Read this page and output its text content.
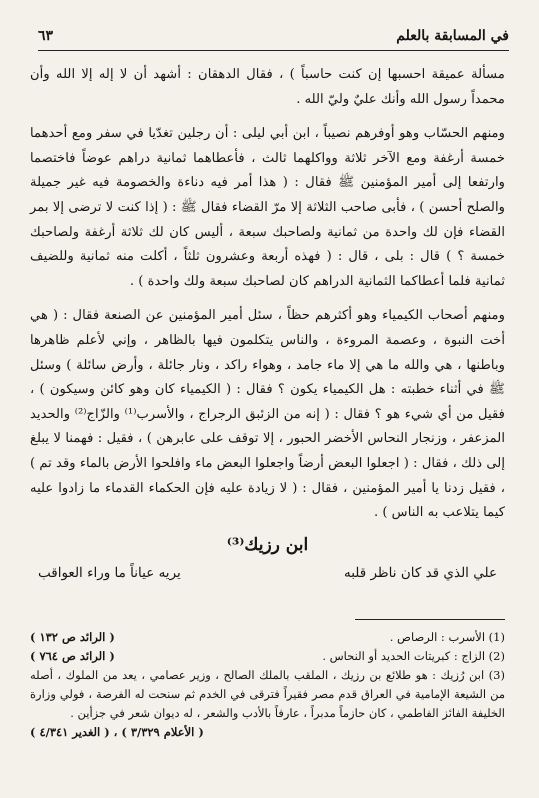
في المسابقة بالعلم
٦٣

مسألة عميقة احسبها إن كنت حاسباً ) ، فقال الدهقان : أشهد أن لا إله إلا الله وأن محمداً رسول الله وأنك عليٌ وليّ الله .

ومنهم الحسّاب وهو أوفرهم نصيباً ، ابن أبي ليلى : أن رجلين تغدّيا في سفر ومع أحدهما خمسة أرغفة ومع الآخر ثلاثة وواكلهما ثالث ، فأعطاهما ثمانية دراهم عوضاً فاختصما وارتفعا إلى أمير المؤمنين ﷺ فقال : ( هذا أمر فيه دناءة والخصومة فيه غير جميلة والصلح أحسن ) ، فأبى صاحب الثلاثة إلا مرّ القضاء فقال ﷺ : ( إذا كنت لا ترضى إلا بمر القضاء فإن لك واحدة من ثمانية ولصاحبك سبعة ، أليس كان لك ثلاثة أرغفة ولصاحبك خمسة ؟ ) قال : بلى ، قال : ( فهذه أربعة وعشرون ثلثاً ، أكلت منه ثمانية وللضيف ثمانية فلما أعطاكما الثمانية الدراهم كان لصاحبك سبعة ولك واحدة ) .

ومنهم أصحاب الكيمياء وهو أكثرهم حظاً ، سئل أمير المؤمنين عن الصنعة فقال : ( هي أخت النبوة ، وعصمة المروءة ، والناس يتكلمون فيها بالظاهر ، وإني لأعلم ظاهرها وباطنها ، هي والله ما هي إلا ماء جامد ، وهواء راكد ، ونار جائلة ، وأرض سائلة ) وسئل ﷺ في أثناء خطبته : هل الكيمياء يكون ؟ فقال : ( الكيمياء كان وهو كائن وسيكون ) ، فقيل من أي شيء هو ؟ فقال : ( إنه من الزئبق الرجراج ، والأسرب⁽¹⁾ والزّاج⁽²⁾ والحديد المزعفر ، وزنجار النحاس الأخضر الحبور ، إلا توقف على عابرهن ) ، فقيل : فهمنا لا يبلغ إلى ذلك ، فقال : ( اجعلوا البعض أرضاً واجعلوا البعض ماء وافلحوا الأرض بالماء وقد تم ) ، فقيل زدنا يا أمير المؤمنين ، فقال : ( لا زيادة عليه فإن الحكماء القدماء ما زادوا عليه كيما يتلاعب به الناس ) .

ابن رزيك⁽³⁾
علي الذي قد كان ناظر قلبه
يريه عياناً ما وراء العواقب
(1) الأسرب : الرصاص .
( الرائد ص ١٣٢ )
(2) الزاج : كبريتات الحديد أو النحاس .
( الرائد ص ٧٦٤ )
(3) ابن رُزيك : هو طلائع بن رزيك ، الملقب بالملك الصالح ، وزير عصامي ، يعد من الملوك ، أصله من الشيعة الإمامية في العراق قدم مصر فقيراً فترقى في الخدم ثم سنحت له الفرصة ، فولي وزارة الخليفة الفائز الفاطمي ، كان حازماً مدبراً ، عارفاً بالأدب والشعر ، له ديوان شعر في جزأين .
( الأعلام ٣/٣٢٩ ) ، ( الغدير ٤/٣٤١ )
